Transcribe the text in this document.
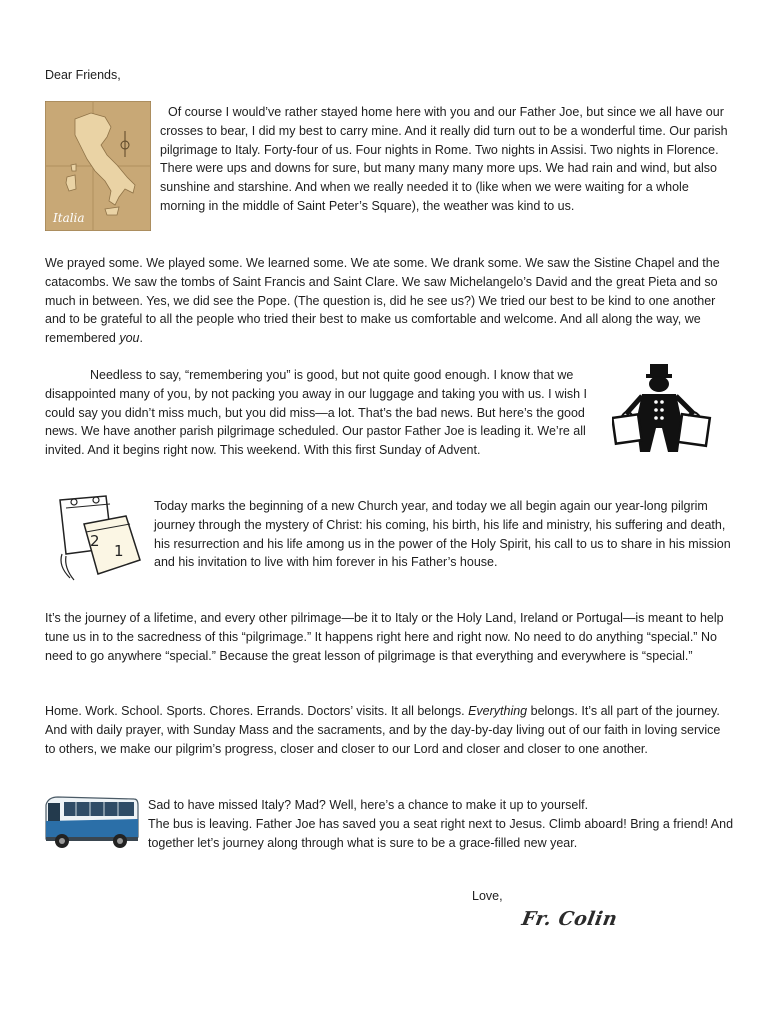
Dear Friends,

Italia

Of course I would’ve rather stayed home here with you and our Father Joe, but since we all have our crosses to bear, I did my best to carry mine. And it really did turn out to be a wonderful time. Our parish pilgrimage to Italy. Forty-four of us. Four nights in Rome. Two nights in Assisi. Two nights in Florence. There were ups and downs for sure, but many many many more ups. We had rain and wind, but also sunshine and starshine. And when we really needed it to (like when we were waiting for a whole morning in the middle of Saint Peter’s Square), the weather was kind to us.

We prayed some. We played some. We learned some. We ate some. We drank some. We saw the Sistine Chapel and the catacombs. We saw the tombs of Saint Francis and Saint Clare. We saw Michelangelo’s David and the great Pieta and so much in between. Yes, we did see the Pope. (The question is, did he see us?) We tried our best to be kind to one another and to be grateful to all the people who tried their best to make us comfortable and welcome. And all along the way, we remembered you.

Needless to say, “remembering you” is good, but not quite good enough. I know that we disappointed many of you, by not packing you away in our luggage and taking you with us. I wish I could say you didn’t miss much, but you did miss—a lot. That’s the bad news. But here’s the good news. We have another parish pilgrimage scheduled. Our pastor Father Joe is leading it. We’re all invited. And it begins right now. This weekend. With this first Sunday of Advent.

2
1

Today marks the beginning of a new Church year, and today we all begin again our year-long pilgrim journey through the mystery of Christ: his coming, his birth, his life and ministry, his suffering and death, his resurrection and his life among us in the power of the Holy Spirit, his call to us to share in his mission and his invitation to live with him forever in his Father’s house.

It’s the journey of a lifetime, and every other pilrimage—be it to Italy or the Holy Land, Ireland or Portugal—is meant to help tune us in to the sacredness of this “pilgrimage.” It happens right here and right now. No need to do anything “special.” No need to go anywhere “special.” Because the great lesson of pilgrimage is that everything and everywhere is “special.”

Home. Work. School. Sports. Chores. Errands. Doctors’ visits. It all belongs. Everything belongs. It’s all part of the journey. And with daily prayer, with Sunday Mass and the sacraments, and by the day-by-day living out of our faith in loving service to others, we make our pilgrim’s progress, closer and closer to our Lord and closer and closer to one another.

Sad to have missed Italy? Mad? Well, here’s a chance to make it up to yourself.
The bus is leaving. Father Joe has saved you a seat right next to Jesus. Climb aboard! Bring a friend! And together let’s journey along through what is sure to be a grace-filled new year.

Love,

Fr. Colin
